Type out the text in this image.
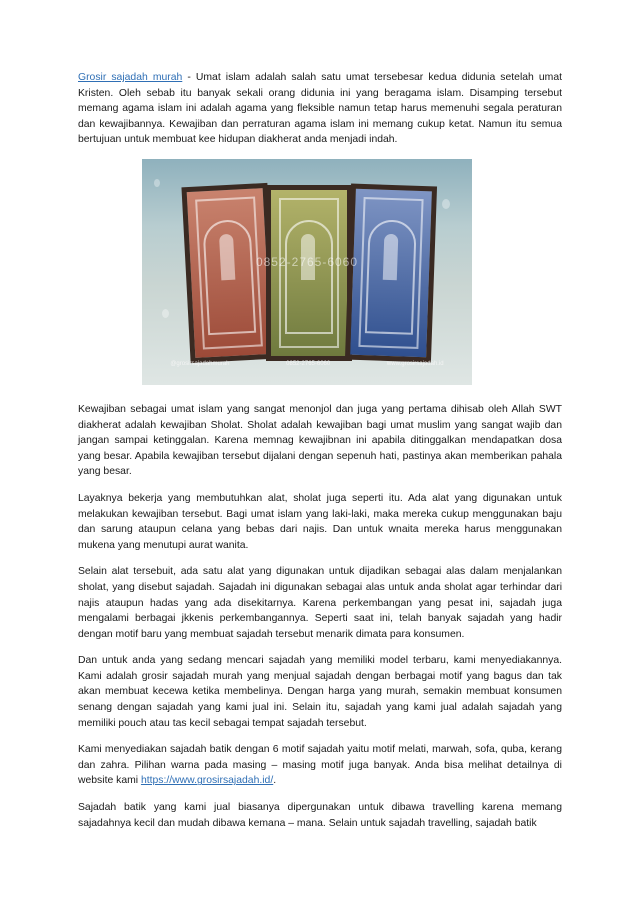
Grosir sajadah murah - Umat islam adalah salah satu umat tersebesar kedua didunia setelah umat Kristen. Oleh sebab itu banyak sekali orang didunia ini yang beragama islam. Disamping tersebut memang agama islam ini adalah agama yang fleksible namun tetap harus memenuhi segala peraturan dan kewajibannya. Kewajiban dan perraturan agama islam ini memang cukup ketat. Namun itu semua bertujuan untuk membuat kee hidupan diakherat anda menjadi indah.

0852-2765-6060
@grosirsajadahmurah	0852-2765-6060	www.grosirsajadah.id

Kewajiban sebagai umat islam yang sangat menonjol dan juga yang pertama dihisab oleh Allah SWT diakherat adalah kewajiban Sholat. Sholat adalah kewajiban bagi umat muslim yang sangat wajib dan jangan sampai ketinggalan. Karena memnag kewajibnan ini apabila ditinggalkan mendapatkan dosa yang besar. Apabila kewajiban tersebut dijalani dengan sepenuh hati, pastinya akan memberikan pahala yang besar.

Layaknya bekerja yang membutuhkan alat, sholat juga seperti itu. Ada alat yang digunakan untuk melakukan kewajiban tersebut. Bagi umat islam yang laki-laki, maka mereka cukup menggunakan baju dan sarung ataupun celana yang bebas dari najis. Dan untuk wnaita mereka harus menggunakan mukena yang menutupi aurat wanita.

Selain alat tersebuit, ada satu alat yang digunakan untuk dijadikan sebagai alas dalam menjalankan sholat, yang disebut sajadah. Sajadah ini digunakan sebagai alas untuk anda sholat agar terhindar dari najis ataupun hadas yang ada disekitarnya. Karena perkembangan yang pesat ini, sajadah juga mengalami berbagai jkkenis perkembangannya. Seperti saat ini, telah banyak sajadah yang hadir dengan motif baru yang membuat sajadah tersebut menarik dimata para konsumen.

Dan untuk anda yang sedang mencari sajadah yang memiliki model terbaru, kami menyediakannya. Kami adalah grosir sajadah murah yang menjual sajadah dengan berbagai motif yang bagus dan tak akan membuat kecewa ketika membelinya. Dengan harga yang murah, semakin membuat konsumen senang dengan sajadah yang kami jual ini. Selain itu, sajadah yang kami jual adalah sajadah yang memiliki pouch atau tas kecil sebagai tempat sajadah tersebut.

Kami menyediakan sajadah batik dengan 6 motif sajadah yaitu motif melati, marwah, sofa, quba, kerang dan zahra. Pilihan warna pada masing – masing motif juga banyak. Anda bisa melihat detailnya di website kami https://www.grosirsajadah.id/.

Sajadah batik yang kami jual biasanya dipergunakan untuk dibawa travelling karena memang sajadahnya kecil dan mudah dibawa kemana – mana. Selain untuk sajadah travelling, sajadah batik
